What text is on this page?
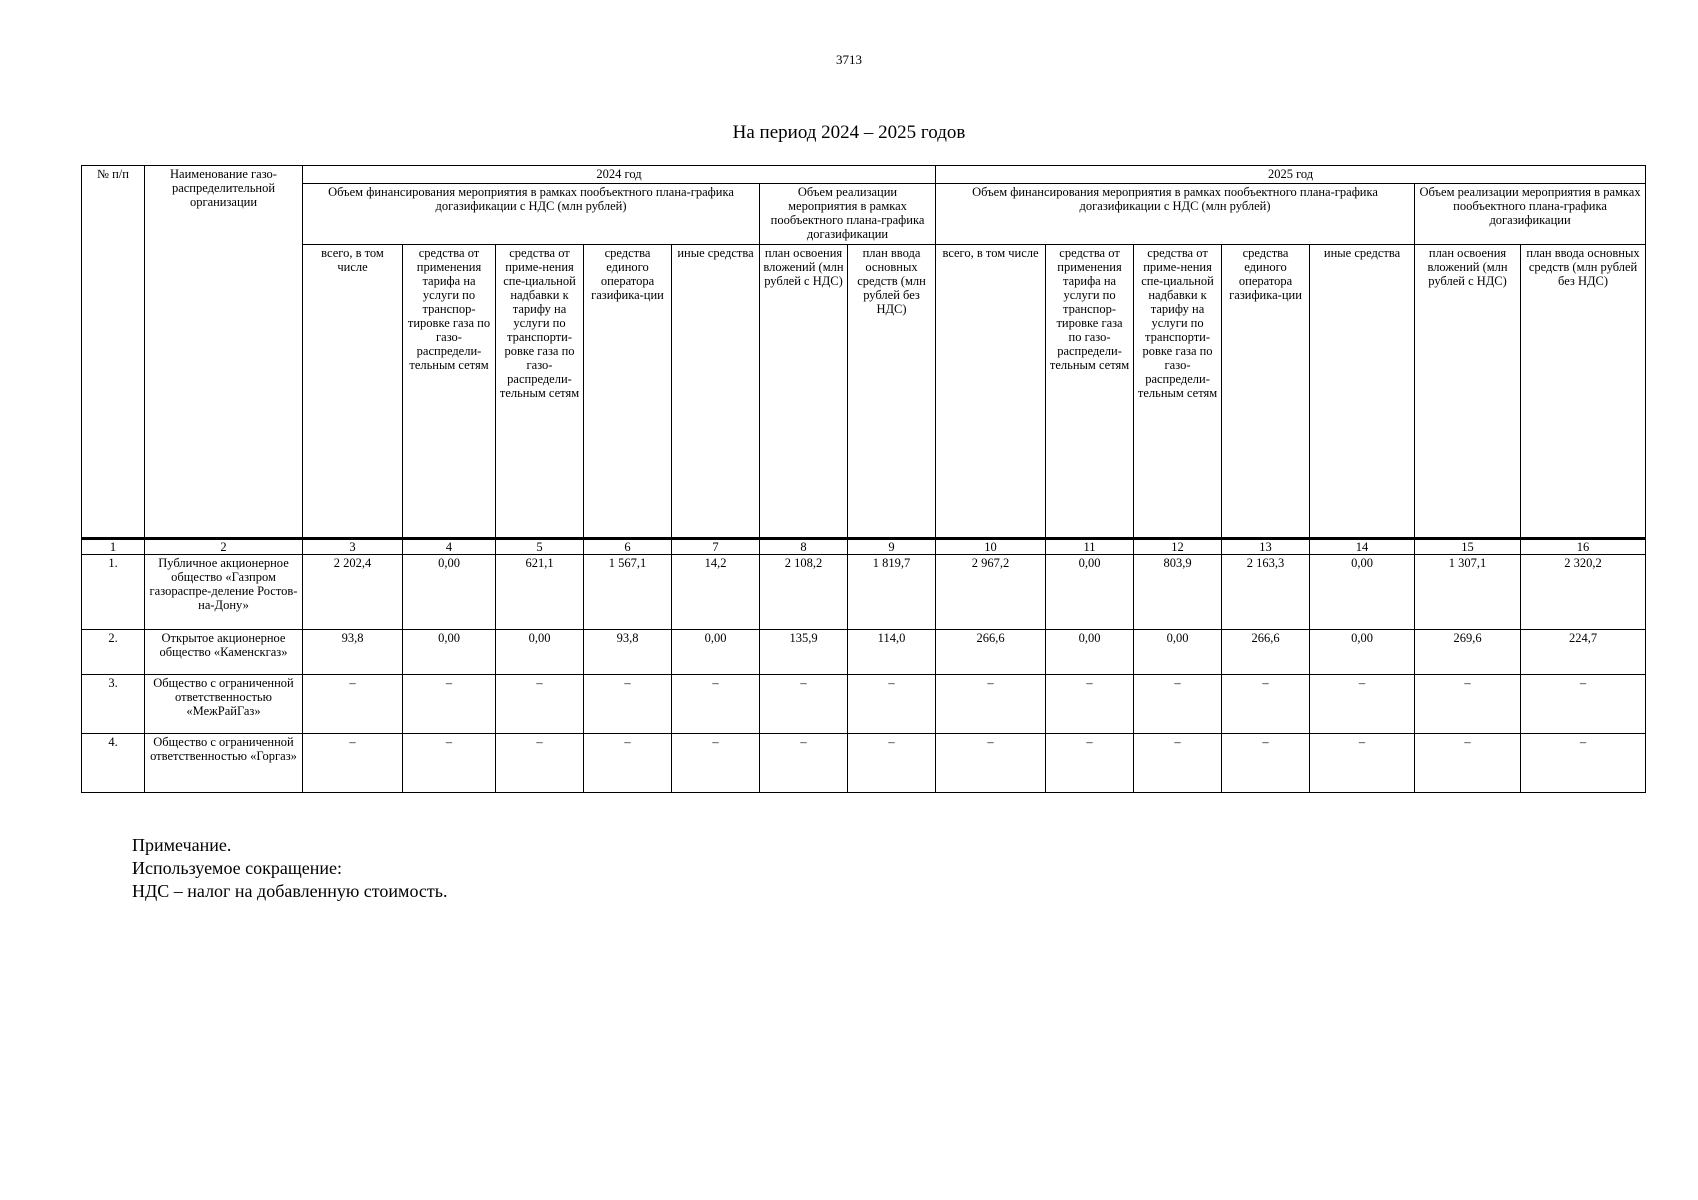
3713
На период 2024 – 2025 годов
№ п/п	Наименование газо-распределительной организации	2024 год							2025 год						
		Объем финансирования мероприятия в рамках пообъектного плана-графика догазификации с НДС (млн рублей)					Объем реализации мероприятия в рамках пообъектного плана-графика догазификации		Объем финансирования мероприятия в рамках пообъектного плана-графика догазификации с НДС (млн рублей)					Объем реализации мероприятия в рамках пообъектного плана-графика догазификации	
		всего, в том числе	средства от применения тарифа на услуги по транспор-тировке газа по газо-распредели-тельным сетям	средства от приме-нения спе-циальной надбавки к тарифу на услуги по транспорти-ровке газа по газо-распредели-тельным сетям	средства единого оператора газифика-ции	иные средства	план освоения вложений (млн рублей с НДС)	план ввода основных средств (млн рублей без НДС)	всего, в том числе	средства от применения тарифа на услуги по транспор-тировке газа по газо-распредели-тельным сетям	средства от приме-нения спе-циальной надбавки к тарифу на услуги по транспорти-ровке газа по газо-распредели-тельным сетям	средства единого оператора газифика-ции	иные средства	план освоения вложений (млн рублей с НДС)	план ввода основных средств (млн рублей без НДС)
1	2	3	4	5	6	7	8	9	10	11	12	13	14	15	16
1.	Публичное акционерное общество «Газпром газораспре-деление Ростов-на-Дону»	2 202,4	0,00	621,1	1 567,1	14,2	2 108,2	1 819,7	2 967,2	0,00	803,9	2 163,3	0,00	1 307,1	2 320,2
2.	Открытое акционерное общество «Каменскгаз»	93,8	0,00	0,00	93,8	0,00	135,9	114,0	266,6	0,00	0,00	266,6	0,00	269,6	224,7
3.	Общество с ограниченной ответственностью «МежРайГаз»	–	–	–	–	–	–	–	–	–	–	–	–	–	–
4.	Общество с ограниченной ответственностью «Горгаз»	–	–	–	–	–	–	–	–	–	–	–	–	–	–
Примечание.
Используемое сокращение:
НДС – налог на добавленную стоимость.
